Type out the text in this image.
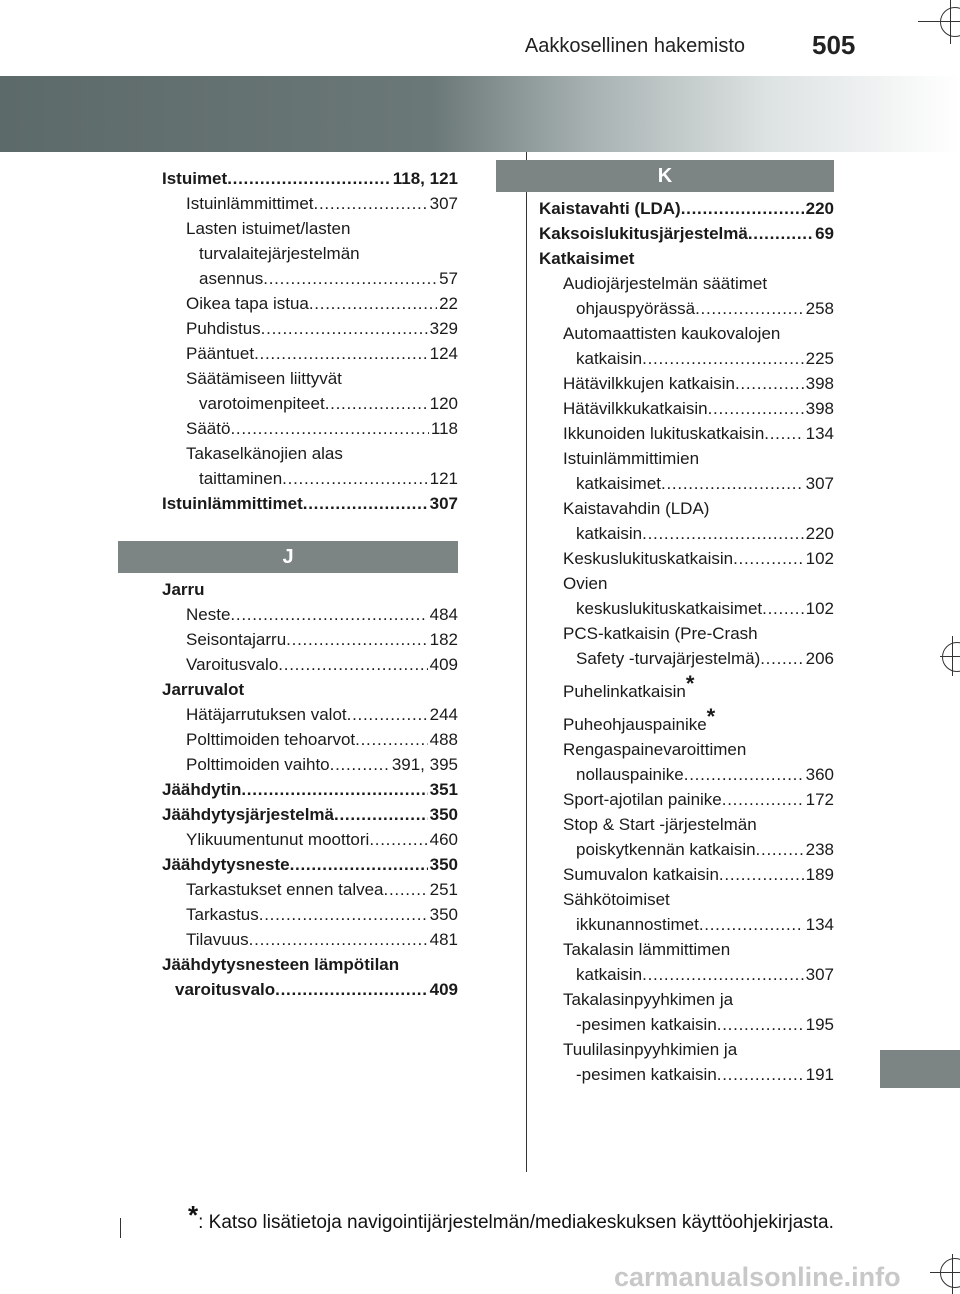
Aakkosellinen hakemisto	505
Istuimet . . .	118, 121
Istuinlämmittimet . . .	307
Lasten istuimet/lasten
turvalaitejärjestelmän
asennus . . .	57
Oikea tapa istua . . .	22
Puhdistus . . .	329
Pääntuet . . .	124
Säätämiseen liittyvät
varotoimenpiteet . . .	120
Säätö . . .	118
Takaselkänojien alas
taittaminen . . .	121
Istuinlämmittimet . . .	307
J
Jarru
Neste . . .	484
Seisontajarru . . .	182
Varoitusvalo . . .	409
Jarruvalot
Hätäjarrutuksen valot . . .	244
Polttimoiden tehoarvot . . .	488
Polttimoiden vaihto . . .	391, 395
Jäähdytin . . .	351
Jäähdytysjärjestelmä . . .	350
Ylikuumentunut moottori . . .	460
Jäähdytysneste . . .	350
Tarkastukset ennen talvea . . .	251
Tarkastus . . .	350
Tilavuus . . .	481
Jäähdytysnesteen lämpötilan
varoitusvalo . . .	409
K
Kaistavahti (LDA) . . .	220
Kaksoislukitusjärjestelmä . . .	69
Katkaisimet
Audiojärjestelmän säätimet
ohjauspyörässä . . .	258
Automaattisten kaukovalojen
katkaisin . . .	225
Hätävilkkujen katkaisin . . .	398
Hätävilkkukatkaisin . . .	398
Ikkunoiden lukituskatkaisin . . . 134
Istuinlämmittimien
katkaisimet . . .	307
Kaistavahdin (LDA)
katkaisin . . .	220
Keskuslukituskatkaisin . . .	102
Ovien
keskuslukituskatkaisimet . . .	102
PCS-katkaisin (Pre-Crash
Safety -turvajärjestelmä) . . .	206
Puhelinkatkaisin*
Puheohjauspainike*
Rengaspainevaroittimen
nollauspainike . . .	360
Sport-ajotilan painike . . .	172
Stop & Start -järjestelmän
poiskytkennän katkaisin . . .	238
Sumuvalon katkaisin . . .	189
Sähkötoimiset
ikkunannostimet . . .	134
Takalasin lämmittimen
katkaisin . . .	307
Takalasinpyyhkimen ja
-pesimen katkaisin . . .	195
Tuulilasinpyyhkimien ja
-pesimen katkaisin . . .	191
*: Katso lisätietoja navigointijärjestelmän/mediakeskuksen käyttöohjekirjasta.
carmanualsonline.info
